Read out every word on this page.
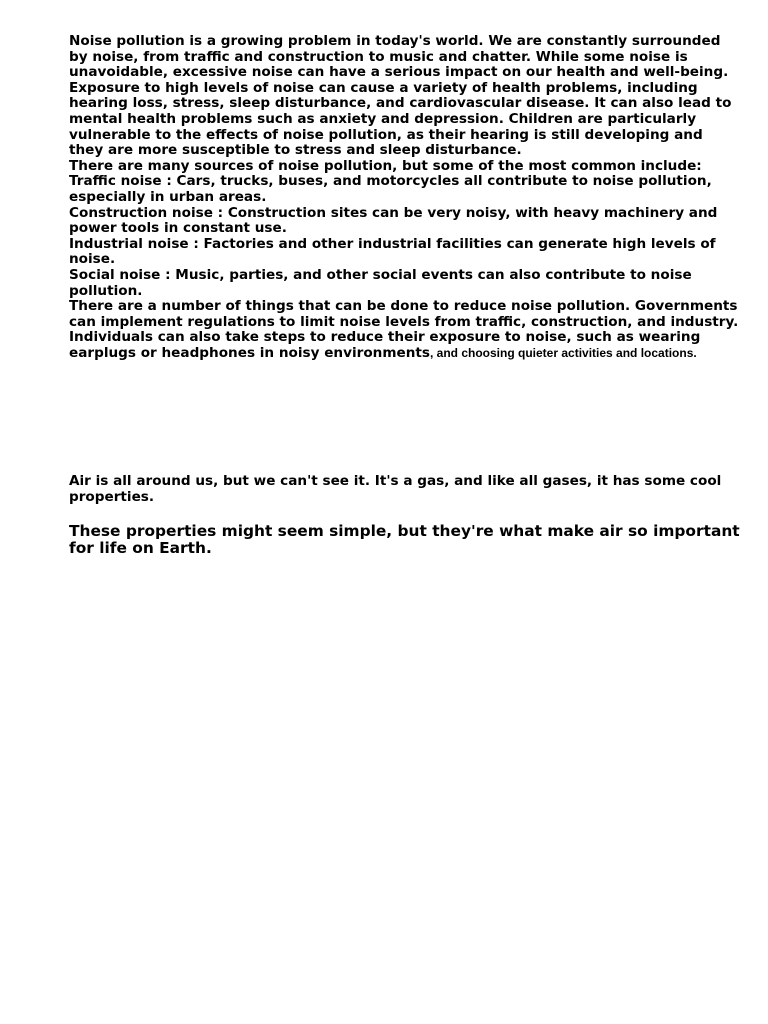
Noise pollution is a growing problem in today's world. We are constantly surrounded by noise, from traffic and construction to music and chatter. While some noise is unavoidable, excessive noise can have a serious impact on our health and well-being.

Exposure to high levels of noise can cause a variety of health problems, including hearing loss, stress, sleep disturbance, and cardiovascular disease. It can also lead to mental health problems such as anxiety and depression. Children are particularly vulnerable to the effects of noise pollution, as their hearing is still developing and they are more susceptible to stress and sleep disturbance.

There are many sources of noise pollution, but some of the most common include:

Traffic noise : Cars, trucks, buses, and motorcycles all contribute to noise pollution, especially in urban areas.

Construction noise : Construction sites can be very noisy, with heavy machinery and power tools in constant use.

Industrial noise : Factories and other industrial facilities can generate high levels of noise.

Social noise : Music, parties, and other social events can also contribute to noise pollution.

There are a number of things that can be done to reduce noise pollution. Governments can implement regulations to limit noise levels from traffic, construction, and industry. Individuals can also take steps to reduce their exposure to noise, such as wearing earplugs or headphones in noisy environments, and choosing quieter activities and locations.

Air is all around us, but we can't see it. It's a gas, and like all gases, it has some cool properties.

These properties might seem simple, but they're what make air so important for life on Earth.
